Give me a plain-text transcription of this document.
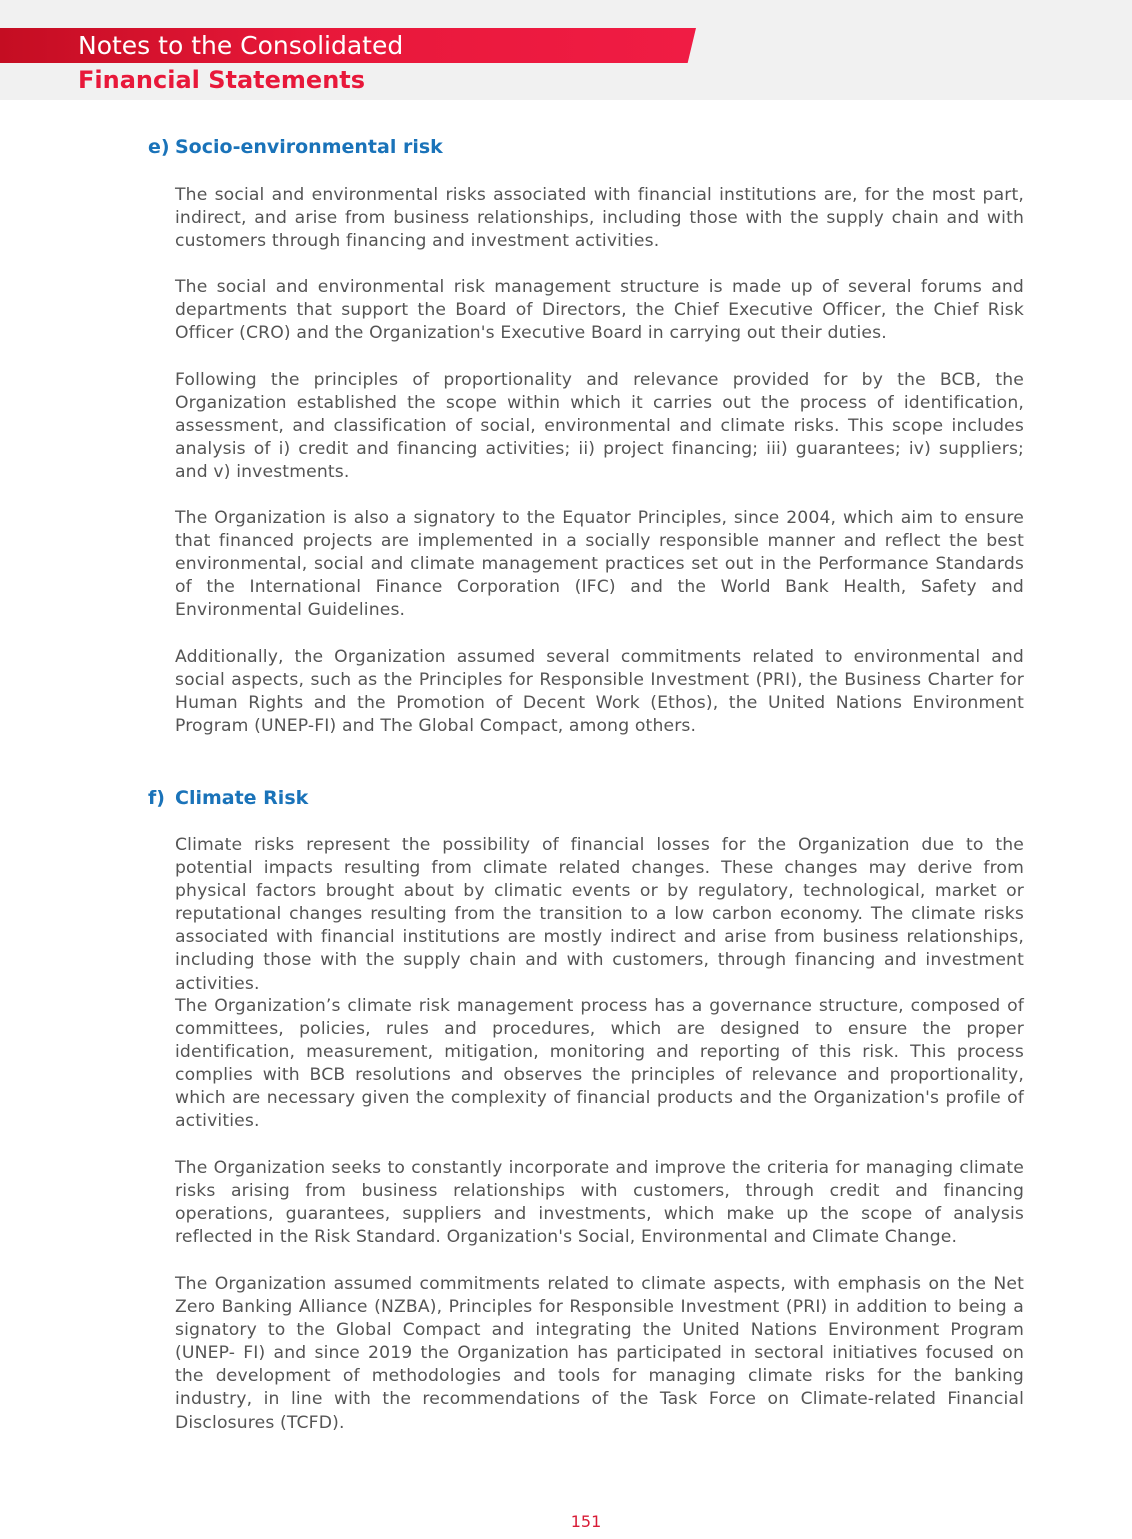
Notes to the Consolidated
Financial Statements
e) Socio-environmental risk

The social and environmental risks associated with financial institutions are, for the most part, indirect, and arise from business relationships, including those with the supply chain and with customers through financing and investment activities.

The social and environmental risk management structure is made up of several forums and departments that support the Board of Directors, the Chief Executive Officer, the Chief Risk Officer (CRO) and the Organization's Executive Board in carrying out their duties.

Following the principles of proportionality and relevance provided for by the BCB, the Organization established the scope within which it carries out the process of identification, assessment, and classification of social, environmental and climate risks. This scope includes analysis of i) credit and financing activities; ii) project financing; iii) guarantees; iv) suppliers; and v) investments.

The Organization is also a signatory to the Equator Principles, since 2004, which aim to ensure that financed projects are implemented in a socially responsible manner and reflect the best environmental, social and climate management practices set out in the Performance Standards of the International Finance Corporation (IFC) and the World Bank Health, Safety and Environmental Guidelines.

Additionally, the Organization assumed several commitments related to environmental and social aspects, such as the Principles for Responsible Investment (PRI), the Business Charter for Human Rights and the Promotion of Decent Work (Ethos), the United Nations Environment Program (UNEP-FI) and The Global Compact, among others.

f) Climate Risk

Climate risks represent the possibility of financial losses for the Organization due to the potential impacts resulting from climate related changes. These changes may derive from physical factors brought about by climatic events or by regulatory, technological, market or reputational changes resulting from the transition to a low carbon economy. The climate risks associated with financial institutions are mostly indirect and arise from business relationships, including those with the supply chain and with customers, through financing and investment activities.

The Organization’s climate risk management process has a governance structure, composed of committees, policies, rules and procedures, which are designed to ensure the proper identification, measurement, mitigation, monitoring and reporting of this risk. This process complies with BCB resolutions and observes the principles of relevance and proportionality, which are necessary given the complexity of financial products and the Organization's profile of activities.

The Organization seeks to constantly incorporate and improve the criteria for managing climate risks arising from business relationships with customers, through credit and financing operations, guarantees, suppliers and investments, which make up the scope of analysis reflected in the Risk Standard. Organization's Social, Environmental and Climate Change.

The Organization assumed commitments related to climate aspects, with emphasis on the Net Zero Banking Alliance (NZBA), Principles for Responsible Investment (PRI) in addition to being a signatory to the Global Compact and integrating the United Nations Environment Program (UNEP- FI) and since 2019 the Organization has participated in sectoral initiatives focused on the development of methodologies and tools for managing climate risks for the banking industry, in line with the recommendations of the Task Force on Climate-related Financial Disclosures (TCFD).

151
